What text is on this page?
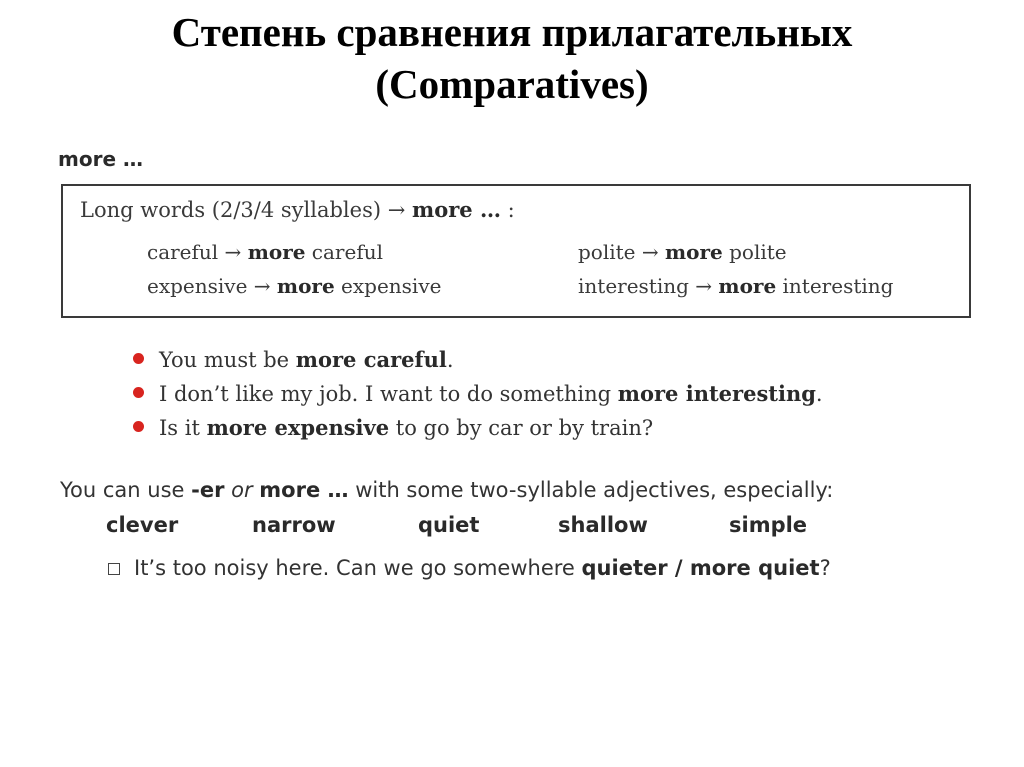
Степень сравнения прилагательных
(Comparatives)
more …
Long words (2/3/4 syllables) → more … :
careful → more careful	polite → more polite
expensive → more expensive	interesting → more interesting
You must be more careful.
I don’t like my job. I want to do something more interesting.
Is it more expensive to go by car or by train?
You can use -er or more … with some two-syllable adjectives, especially:
clever	narrow	quiet	shallow	simple
It’s too noisy here. Can we go somewhere quieter / more quiet?
